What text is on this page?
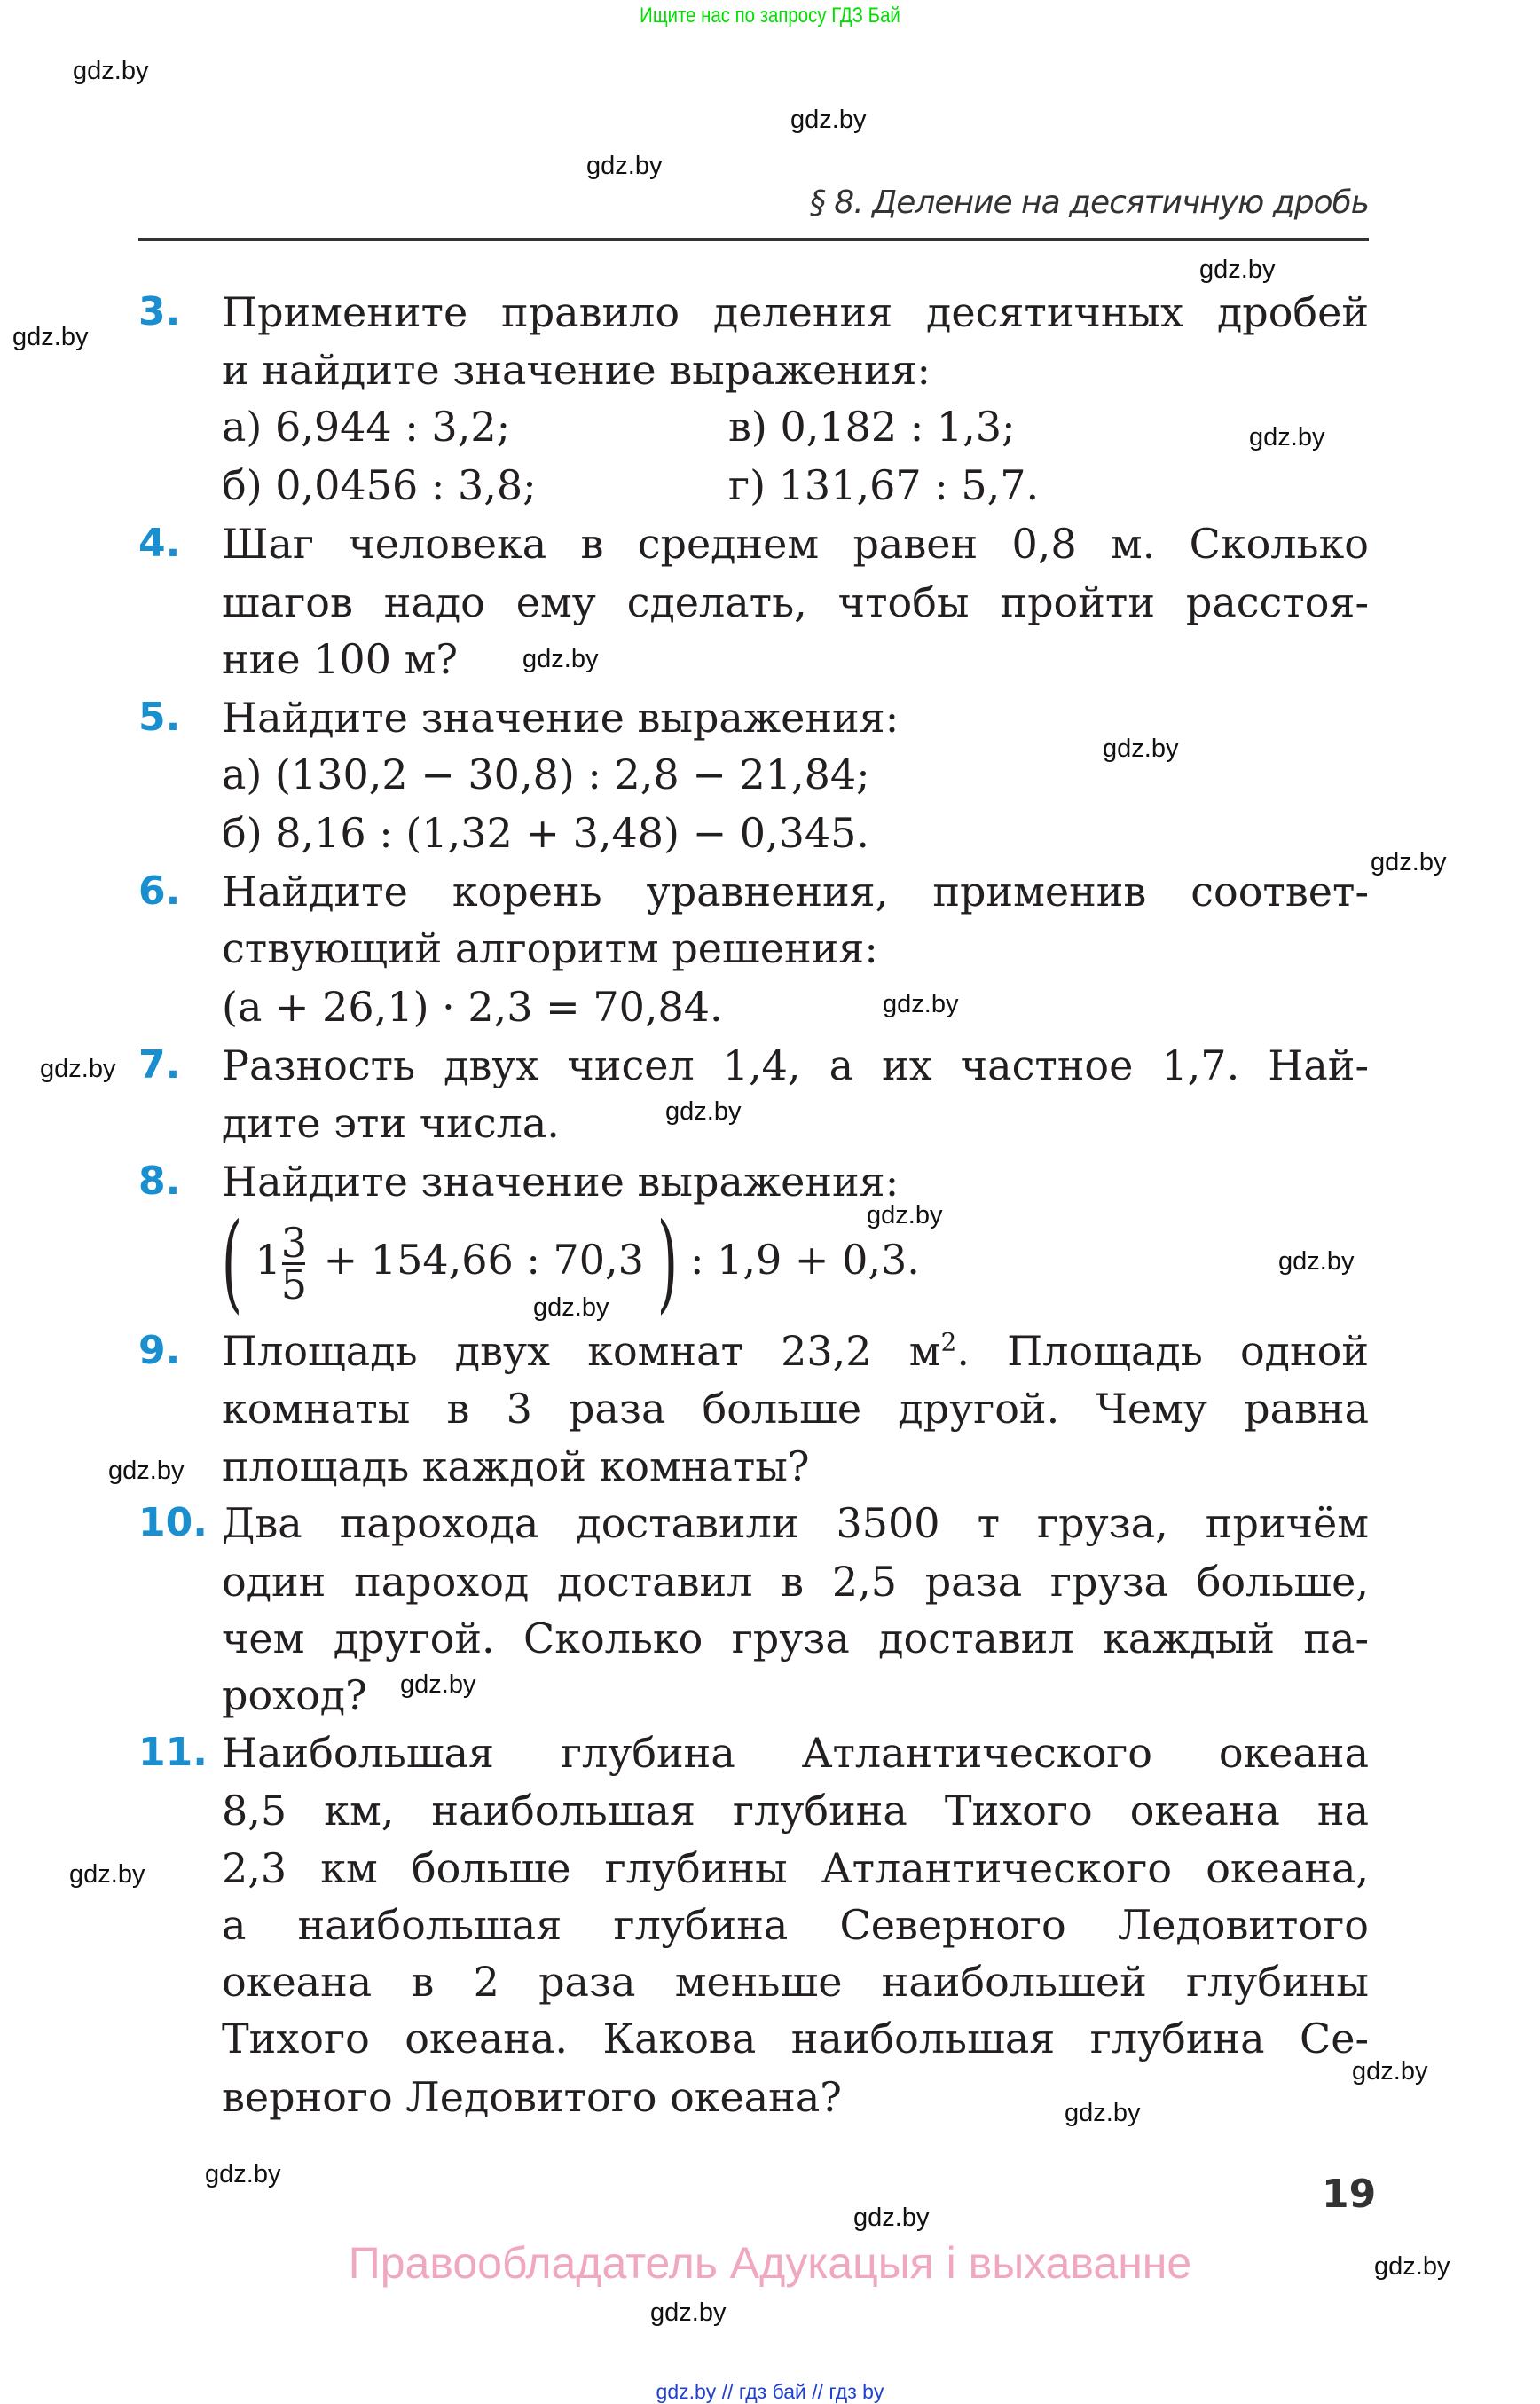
Ищите нас по запросу ГДЗ Бай
§ 8. Деление на десятичную дробь
3. Примените правило деления десятичных дробей
и найдите значение выражения:
а) 6,944 : 3,2;	в) 0,182 : 1,3;
б) 0,0456 : 3,8;	г) 131,67 : 5,7.
4. Шаг человека в среднем равен 0,8 м. Сколько
шагов надо ему сделать, чтобы пройти расстоя-
ние 100 м?
5. Найдите значение выражения:
а) (130,2 − 30,8) : 2,8 − 21,84;
б) 8,16 : (1,32 + 3,48) − 0,345.
6. Найдите корень уравнения, применив соответ-
ствующий алгоритм решения:
(a + 26,1) · 2,3 = 70,84.
7. Разность двух чисел 1,4, а их частное 1,7. Най-
дите эти числа.
8. Найдите значение выражения:
( $1 \frac{3}{5} + 154,66$ : 70,3 ) : 1,9 + 0,3.
9. Площадь двух комнат 23,2 $м^2$. Площадь одной
комнаты в 3 раза больше другой. Чему равна
площадь каждой комнаты?
10. Два парохода доставили 3500 т груза, причём
один пароход доставил в 2,5 раза груза больше,
чем другой. Сколько груза доставил каждый па-
роход?
11. Наибольшая глубина Атлантического океана
8,5 км, наибольшая глубина Тихого океана на
2,3 км больше глубины Атлантического океана,
а наибольшая глубина Северного Ледовитого
океана в 2 раза меньше наибольшей глубины
Тихого океана. Какова наибольшая глубина Се-
верного Ледовитого океана?
gdz.by
gdz.by
gdz.by
gdz.by
gdz.by
gdz.by
gdz.by
gdz.by
gdz.by
gdz.by
gdz.by
gdz.by
gdz.by
gdz.by
gdz.by
gdz.by
gdz.by
gdz.by
gdz.by
gdz.by
gdz.by
gdz.by
gdz.by
gdz.by
19
Правообладатель Адукацыя і выхаванне
gdz.by // гдз бай // гдз by
